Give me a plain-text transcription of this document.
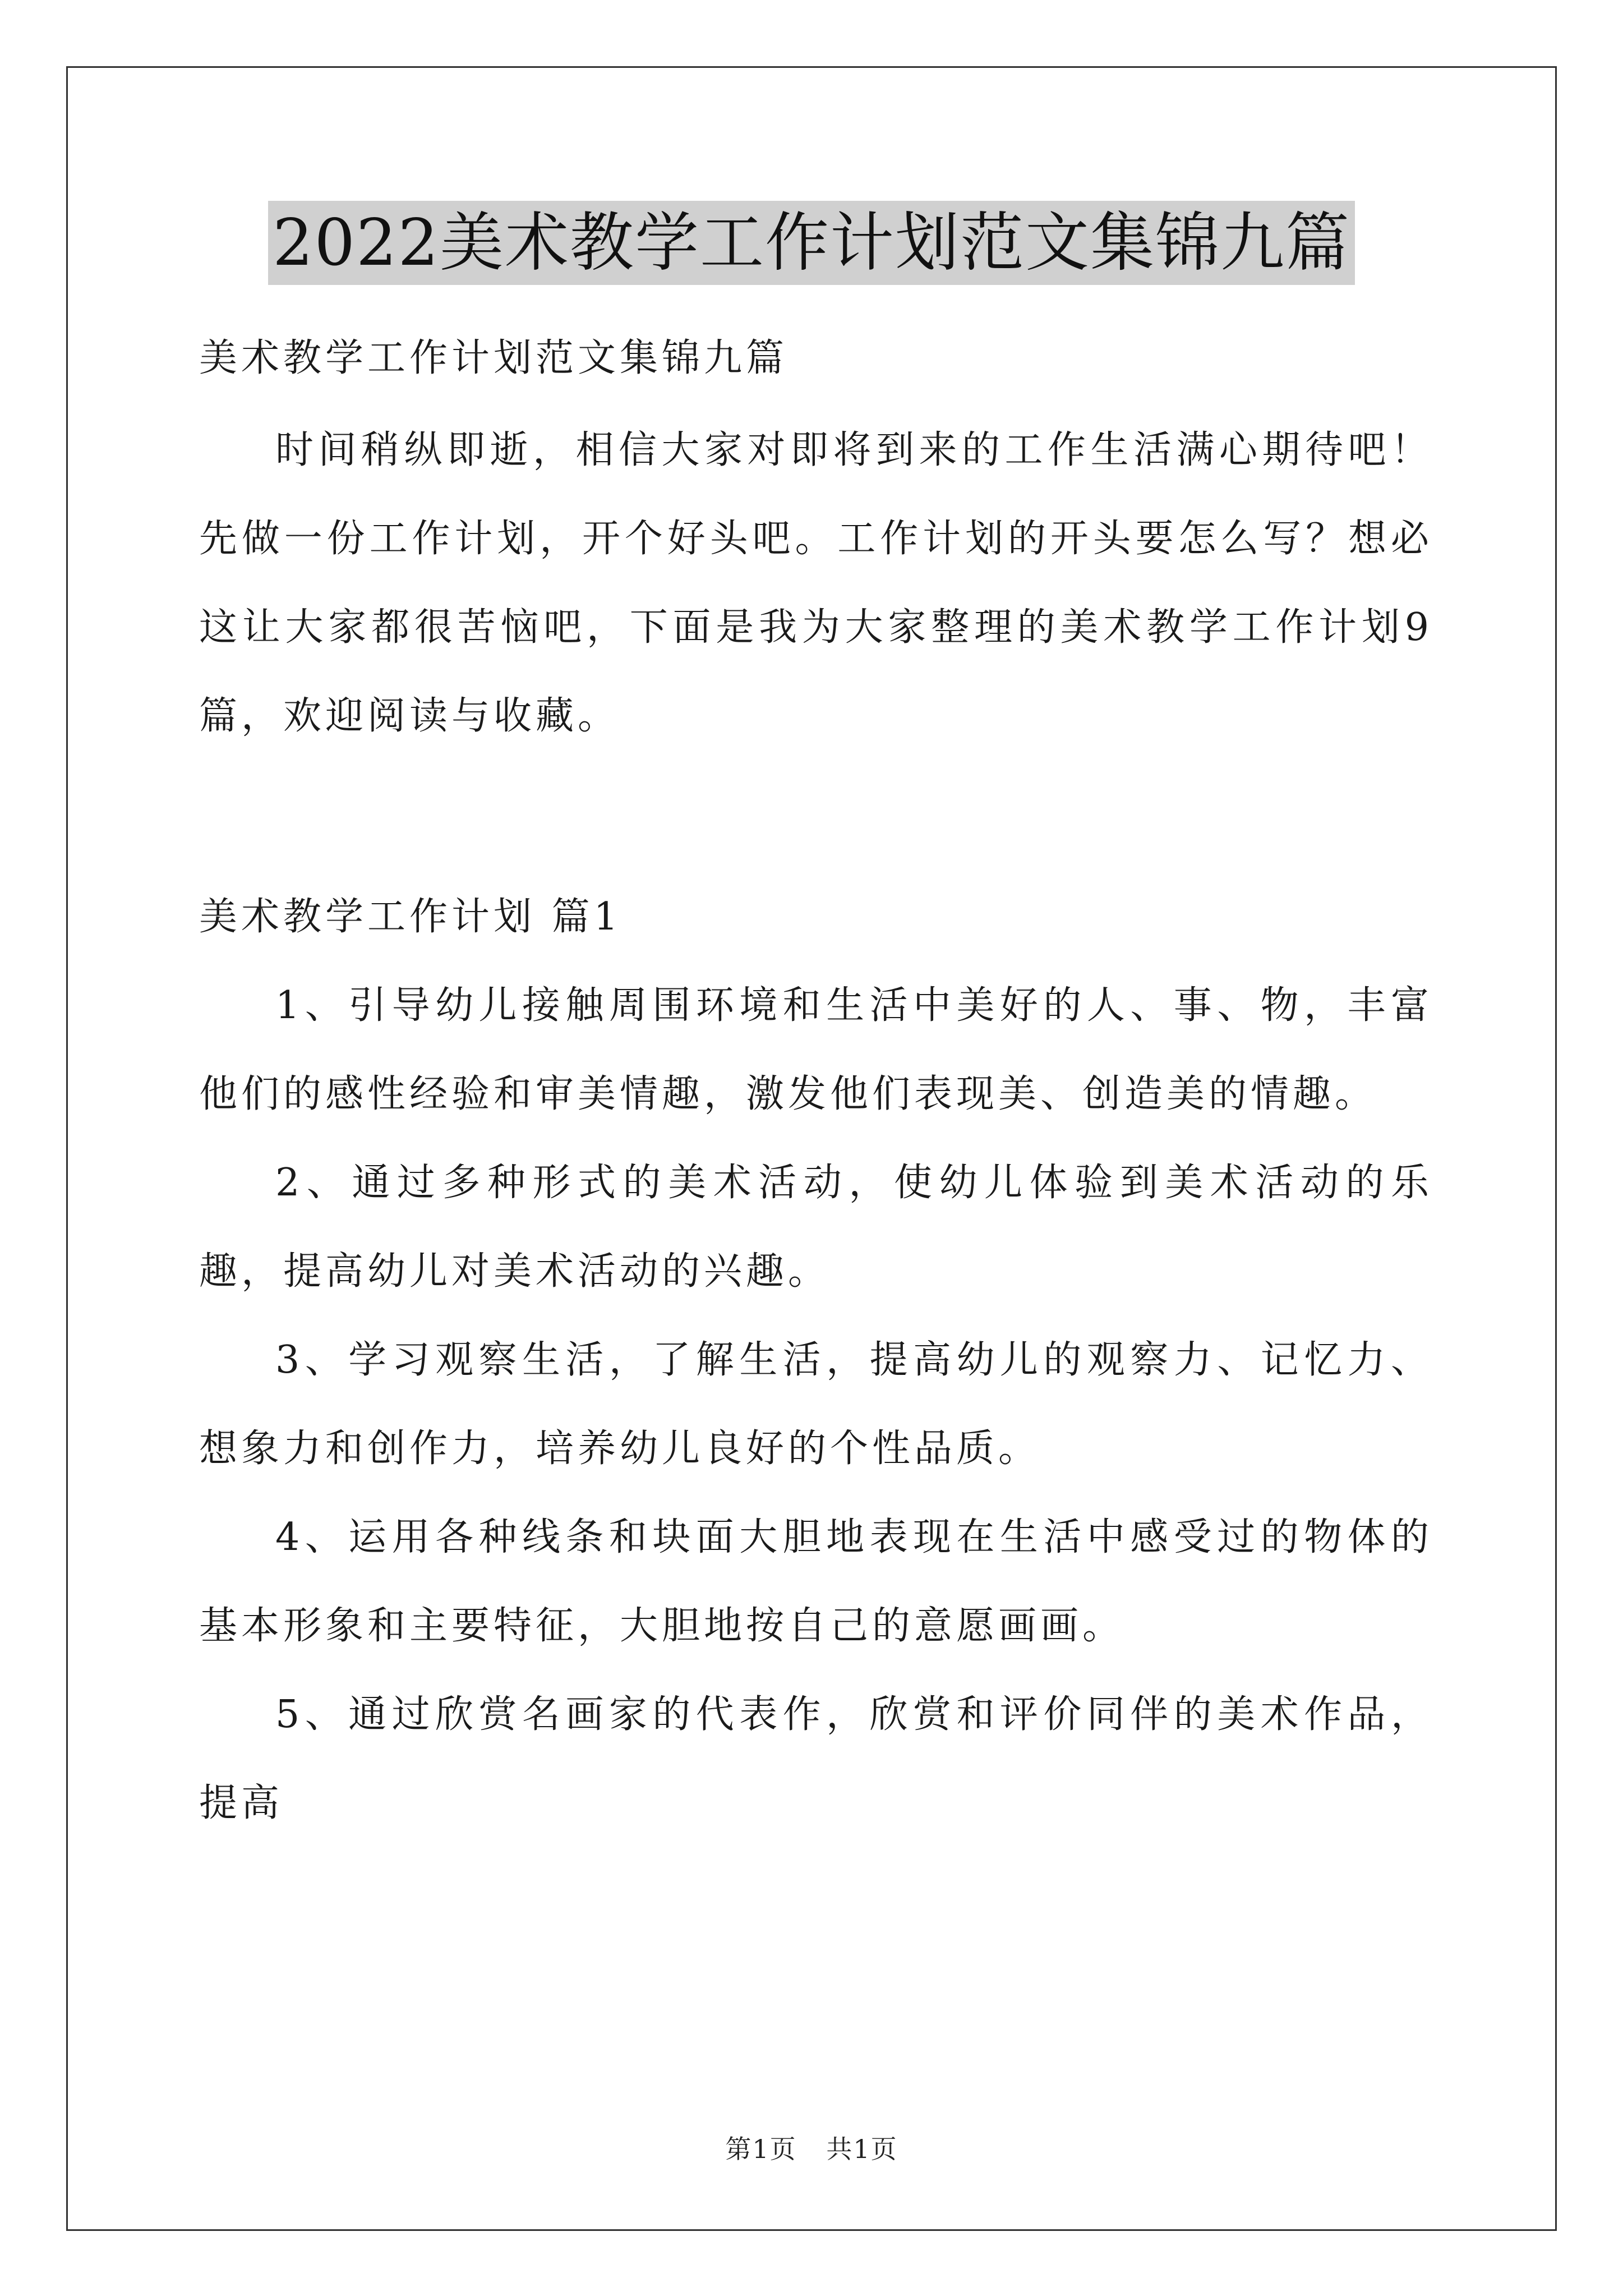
2022美术教学工作计划范文集锦九篇

美术教学工作计划范文集锦九篇

时间稍纵即逝，相信大家对即将到来的工作生活满心期待吧！先做一份工作计划，开个好头吧。工作计划的开头要怎么写？想必这让大家都很苦恼吧，下面是我为大家整理的美术教学工作计划9篇，欢迎阅读与收藏。

美术教学工作计划 篇1

1、引导幼儿接触周围环境和生活中美好的人、事、物，丰富他们的感性经验和审美情趣，激发他们表现美、创造美的情趣。

2、通过多种形式的美术活动，使幼儿体验到美术活动的乐趣，提高幼儿对美术活动的兴趣。

3、学习观察生活，了解生活，提高幼儿的观察力、记忆力、想象力和创作力，培养幼儿良好的个性品质。

4、运用各种线条和块面大胆地表现在生活中感受过的物体的基本形象和主要特征，大胆地按自己的意愿画画。

5、通过欣赏名画家的代表作，欣赏和评价同伴的美术作品，提高

第1页 共1页
